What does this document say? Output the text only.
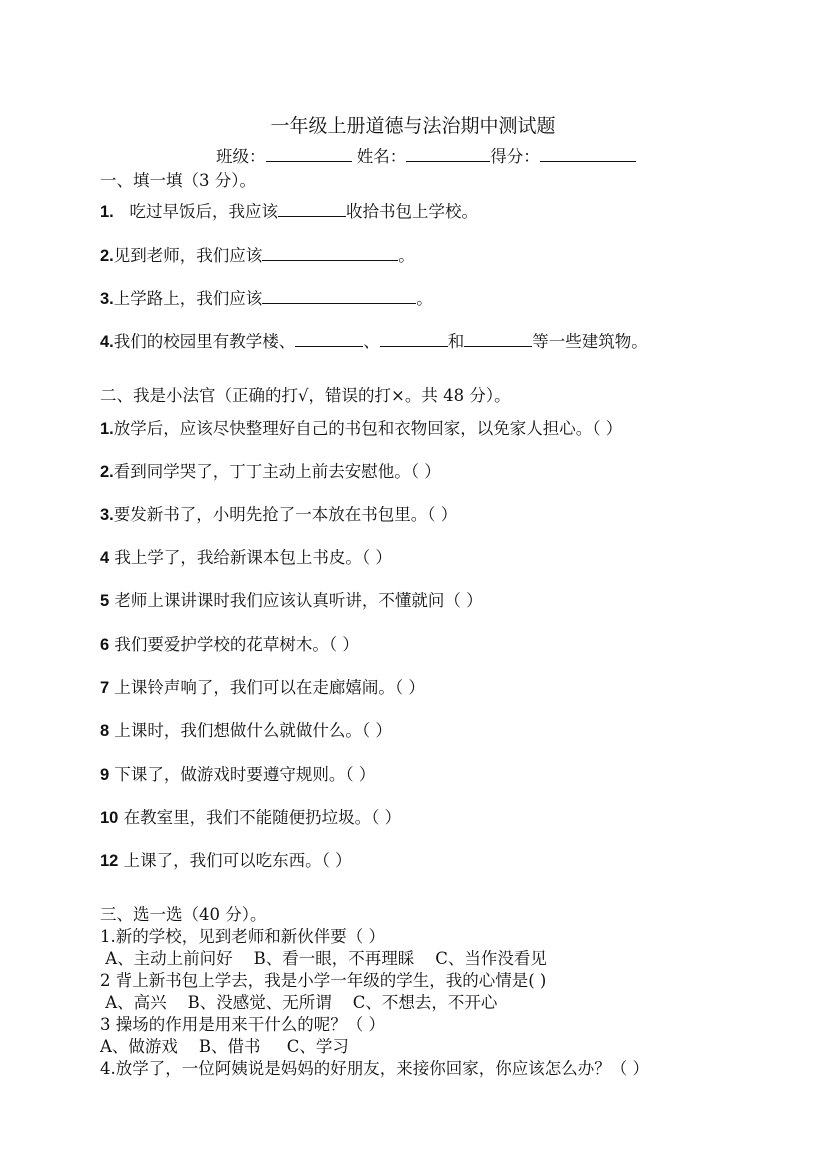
一年级上册道德与法治期中测试题
班级：	姓名：	得分：
一、填一填（3 分）。
1.   吃过早饭后，我应该	收拾书包上学校。
2.见到老师，我们应该	。
3.上学路上，我们应该	。
4.我们的校园里有教学楼、	、	和	等一些建筑物。
二、我是小法官（正确的打√，错误的打×。共 48 分）。
1.放学后，应该尽快整理好自己的书包和衣物回家，以免家人担心。（ ）
2.看到同学哭了，丁丁主动上前去安慰他。（ ）
3.要发新书了，小明先抢了一本放在书包里。（ ）
4 我上学了，我给新课本包上书皮。（ ）
5 老师上课讲课时我们应该认真听讲，不懂就问（ ）
6 我们要爱护学校的花草树木。（ ）
7 上课铃声响了，我们可以在走廊嬉闹。（ ）
8 上课时，我们想做什么就做什么。（ ）
9 下课了，做游戏时要遵守规则。（ ）
10 在教室里，我们不能随便扔垃圾。（ ）
12 上课了，我们可以吃东西。（ ）
三、选一选（40 分）。
1.新的学校，见到老师和新伙伴要（ ）
A、主动上前问好    B、看一眼，不再理睬    C、当作没看见
2 背上新书包上学去，我是小学一年级的学生，我的心情是( )
A、高兴    B、没感觉、无所谓    C、不想去，不开心
3 操场的作用是用来干什么的呢？（ ）
A、做游戏    B、借书     C、学习
4.放学了，一位阿姨说是妈妈的好朋友，来接你回家，你应该怎么办？（ ）
